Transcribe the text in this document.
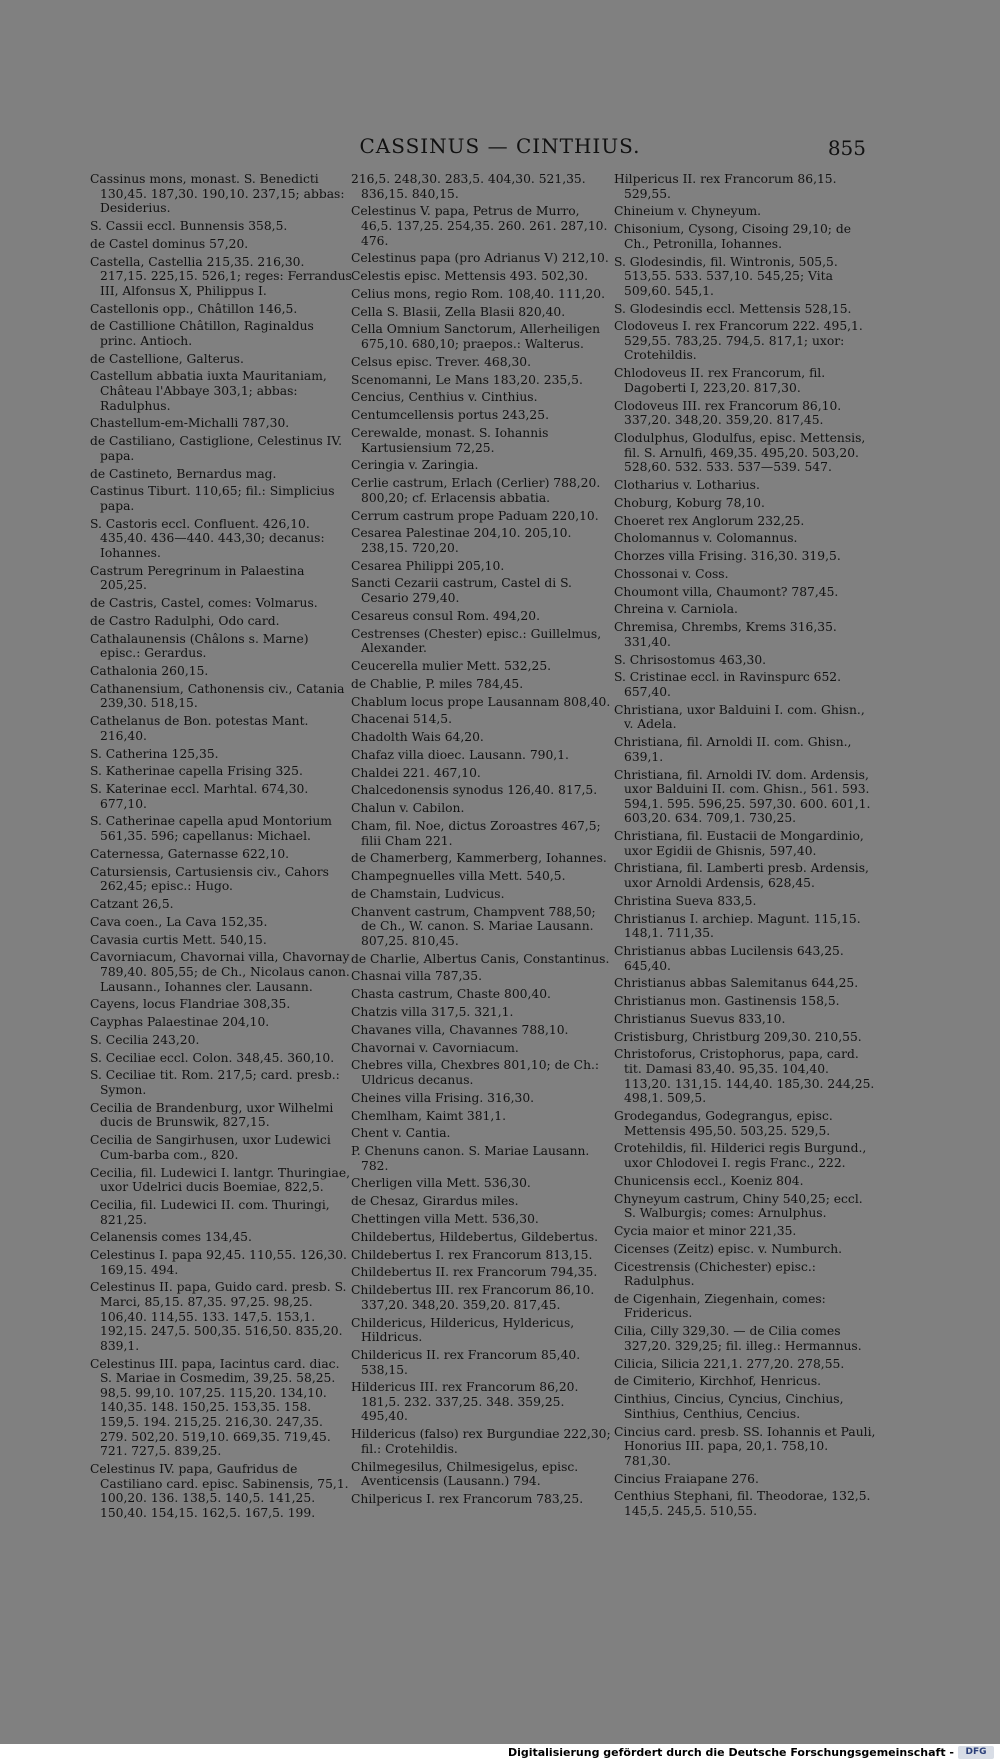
CASSINUS — CINTHIUS.	855
Cassinus mons, monast. S. Benedicti 130,45. 187,30. 190,10. 237,15; abbas: Desiderius.
S. Cassii eccl. Bunnensis 358,5.
de Castel dominus 57,20.
Castella, Castellia 215,35. 216,30. 217,15. 225,15. 526,1; reges: Ferrandus III, Alfonsus X, Philippus I.
Castellonis opp., Châtillon 146,5.
de Castillione Châtillon, Raginaldus princ. Antioch.
de Castellione, Galterus.
Castellum abbatia iuxta Mauritaniam, Château l'Abbaye 303,1; abbas: Radulphus.
Chastellum-em-Michalli 787,30.
de Castiliano, Castiglione, Celestinus IV. papa.
de Castineto, Bernardus mag.
Castinus Tiburt. 110,65; fil.: Simplicius papa.
S. Castoris eccl. Confluent. 426,10. 435,40. 436—440. 443,30; decanus: Iohannes.
Castrum Peregrinum in Palaestina 205,25.
de Castris, Castel, comes: Volmarus.
de Castro Radulphi, Odo card.
Cathalaunensis (Châlons s. Marne) episc.: Gerardus.
Cathalonia 260,15.
Cathanensium, Cathonensis civ., Catania 239,30. 518,15.
Cathelanus de Bon. potestas Mant. 216,40.
S. Catherina 125,35.
S. Katherinae capella Frising 325.
S. Katerinae eccl. Marhtal. 674,30. 677,10.
S. Catherinae capella apud Montorium 561,35. 596; capellanus: Michael.
Caternessa, Gaternasse 622,10.
Catursiensis, Cartusiensis civ., Cahors 262,45; episc.: Hugo.
Catzant 26,5.
Cava coen., La Cava 152,35.
Cavasia curtis Mett. 540,15.
Cavorniacum, Chavornai villa, Chavornay 789,40. 805,55; de Ch., Nicolaus canon. Lausann., Iohannes cler. Lausann.
Cayens, locus Flandriae 308,35.
Cayphas Palaestinae 204,10.
S. Cecilia 243,20.
S. Ceciliae eccl. Colon. 348,45. 360,10.
S. Ceciliae tit. Rom. 217,5; card. presb.: Symon.
Cecilia de Brandenburg, uxor Wilhelmi ducis de Brunswik, 827,15.
Cecilia de Sangirhusen, uxor Ludewici Cum-barba com., 820.
Cecilia, fil. Ludewici I. lantgr. Thuringiae, uxor Udelrici ducis Boemiae, 822,5.
Cecilia, fil. Ludewici II. com. Thuringi, 821,25.
Celanensis comes 134,45.
Celestinus I. papa 92,45. 110,55. 126,30. 169,15. 494.
Celestinus II. papa, Guido card. presb. S. Marci, 85,15. 87,35. 97,25. 98,25. 106,40. 114,55. 133. 147,5. 153,1. 192,15. 247,5. 500,35. 516,50. 835,20. 839,1.
Celestinus III. papa, Iacintus card. diac. S. Mariae in Cosmedim, 39,25. 58,25. 98,5. 99,10. 107,25. 115,20. 134,10. 140,35. 148. 150,25. 153,35. 158. 159,5. 194. 215,25. 216,30. 247,35. 279. 502,20. 519,10. 669,35. 719,45. 721. 727,5. 839,25.
Celestinus IV. papa, Gaufridus de Castiliano card. episc. Sabinensis, 75,1. 100,20. 136. 138,5. 140,5. 141,25. 150,40. 154,15. 162,5. 167,5. 199.
216,5. 248,30. 283,5. 404,30. 521,35. 836,15. 840,15.
Celestinus V. papa, Petrus de Murro, 46,5. 137,25. 254,35. 260. 261. 287,10. 476.
Celestinus papa (pro Adrianus V) 212,10.
Celestis episc. Mettensis 493. 502,30.
Celius mons, regio Rom. 108,40. 111,20.
Cella S. Blasii, Zella Blasii 820,40.
Cella Omnium Sanctorum, Allerheiligen 675,10. 680,10; praepos.: Walterus.
Celsus episc. Trever. 468,30.
Scenomanni, Le Mans 183,20. 235,5.
Cencius, Centhius v. Cinthius.
Centumcellensis portus 243,25.
Cerewalde, monast. S. Iohannis Kartusiensium 72,25.
Ceringia v. Zaringia.
Cerlie castrum, Erlach (Cerlier) 788,20. 800,20; cf. Erlacensis abbatia.
Cerrum castrum prope Paduam 220,10.
Cesarea Palestinae 204,10. 205,10. 238,15. 720,20.
Cesarea Philippi 205,10.
Sancti Cezarii castrum, Castel di S. Cesario 279,40.
Cesareus consul Rom. 494,20.
Cestrenses (Chester) episc.: Guillelmus, Alexander.
Ceucerella mulier Mett. 532,25.
de Chablie, P. miles 784,45.
Chablum locus prope Lausannam 808,40.
Chacenai 514,5.
Chadolth Wais 64,20.
Chafaz villa dioec. Lausann. 790,1.
Chaldei 221. 467,10.
Chalcedonensis synodus 126,40. 817,5.
Chalun v. Cabilon.
Cham, fil. Noe, dictus Zoroastres 467,5; filii Cham 221.
de Chamerberg, Kammerberg, Iohannes.
Champegnuelles villa Mett. 540,5.
de Chamstain, Ludvicus.
Chanvent castrum, Champvent 788,50; de Ch., W. canon. S. Mariae Lausann. 807,25. 810,45.
de Charlie, Albertus Canis, Constantinus.
Chasnai villa 787,35.
Chasta castrum, Chaste 800,40.
Chatzis villa 317,5. 321,1.
Chavanes villa, Chavannes 788,10.
Chavornai v. Cavorniacum.
Chebres villa, Chexbres 801,10; de Ch.: Uldricus decanus.
Cheines villa Frising. 316,30.
Chemlham, Kaimt 381,1.
Chent v. Cantia.
P. Chenuns canon. S. Mariae Lausann. 782.
Cherligen villa Mett. 536,30.
de Chesaz, Girardus miles.
Chettingen villa Mett. 536,30.
Childebertus, Hildebertus, Gildebertus.
Childebertus I. rex Francorum 813,15.
Childebertus II. rex Francorum 794,35.
Childebertus III. rex Francorum 86,10. 337,20. 348,20. 359,20. 817,45.
Childericus, Hildericus, Hyldericus, Hildricus.
Childericus II. rex Francorum 85,40. 538,15.
Hildericus III. rex Francorum 86,20. 181,5. 232. 337,25. 348. 359,25. 495,40.
Hildericus (falso) rex Burgundiae 222,30; fil.: Crotehildis.
Chilmegesilus, Chilmesigelus, episc. Aventicensis (Lausann.) 794.
Chilpericus I. rex Francorum 783,25.
Hilpericus II. rex Francorum 86,15. 529,55.
Chineium v. Chyneyum.
Chisonium, Cysong, Cisoing 29,10; de Ch., Petronilla, Iohannes.
S. Glodesindis, fil. Wintronis, 505,5. 513,55. 533. 537,10. 545,25; Vita 509,60. 545,1.
S. Glodesindis eccl. Mettensis 528,15.
Clodoveus I. rex Francorum 222. 495,1. 529,55. 783,25. 794,5. 817,1; uxor: Crotehildis.
Chlodoveus II. rex Francorum, fil. Dagoberti I, 223,20. 817,30.
Clodoveus III. rex Francorum 86,10. 337,20. 348,20. 359,20. 817,45.
Clodulphus, Glodulfus, episc. Mettensis, fil. S. Arnulfi, 469,35. 495,20. 503,20. 528,60. 532. 533. 537—539. 547.
Clotharius v. Lotharius.
Choburg, Koburg 78,10.
Choeret rex Anglorum 232,25.
Cholomannus v. Colomannus.
Chorzes villa Frising. 316,30. 319,5.
Chossonai v. Coss.
Choumont villa, Chaumont? 787,45.
Chreina v. Carniola.
Chremisa, Chrembs, Krems 316,35. 331,40.
S. Chrisostomus 463,30.
S. Cristinae eccl. in Ravinspurc 652. 657,40.
Christiana, uxor Balduini I. com. Ghisn., v. Adela.
Christiana, fil. Arnoldi II. com. Ghisn., 639,1.
Christiana, fil. Arnoldi IV. dom. Ardensis, uxor Balduini II. com. Ghisn., 561. 593. 594,1. 595. 596,25. 597,30. 600. 601,1. 603,20. 634. 709,1. 730,25.
Christiana, fil. Eustacii de Mongardinio, uxor Egidii de Ghisnis, 597,40.
Christiana, fil. Lamberti presb. Ardensis, uxor Arnoldi Ardensis, 628,45.
Christina Sueva 833,5.
Christianus I. archiep. Magunt. 115,15. 148,1. 711,35.
Christianus abbas Lucilensis 643,25. 645,40.
Christianus abbas Salemitanus 644,25.
Christianus mon. Gastinensis 158,5.
Christianus Suevus 833,10.
Cristisburg, Christburg 209,30. 210,55.
Christoforus, Cristophorus, papa, card. tit. Damasi 83,40. 95,35. 104,40. 113,20. 131,15. 144,40. 185,30. 244,25. 498,1. 509,5.
Grodegandus, Godegrangus, episc. Mettensis 495,50. 503,25. 529,5.
Crotehildis, fil. Hilderici regis Burgund., uxor Chlodovei I. regis Franc., 222.
Chunicensis eccl., Koeniz 804.
Chyneyum castrum, Chiny 540,25; eccl. S. Walburgis; comes: Arnulphus.
Cycia maior et minor 221,35.
Cicenses (Zeitz) episc. v. Numburch.
Cicestrensis (Chichester) episc.: Radulphus.
de Cigenhain, Ziegenhain, comes: Fridericus.
Cilia, Cilly 329,30. — de Cilia comes 327,20. 329,25; fil. illeg.: Hermannus.
Cilicia, Silicia 221,1. 277,20. 278,55.
de Cimiterio, Kirchhof, Henricus.
Cinthius, Cincius, Cyncius, Cinchius, Sinthius, Centhius, Cencius.
Cincius card. presb. SS. Iohannis et Pauli, Honorius III. papa, 20,1. 758,10. 781,30.
Cincius Fraiapane 276.
Centhius Stephani, fil. Theodorae, 132,5. 145,5. 245,5. 510,55.
Digitalisierung gefördert durch die Deutsche Forschungsgemeinschaft -	DFG
